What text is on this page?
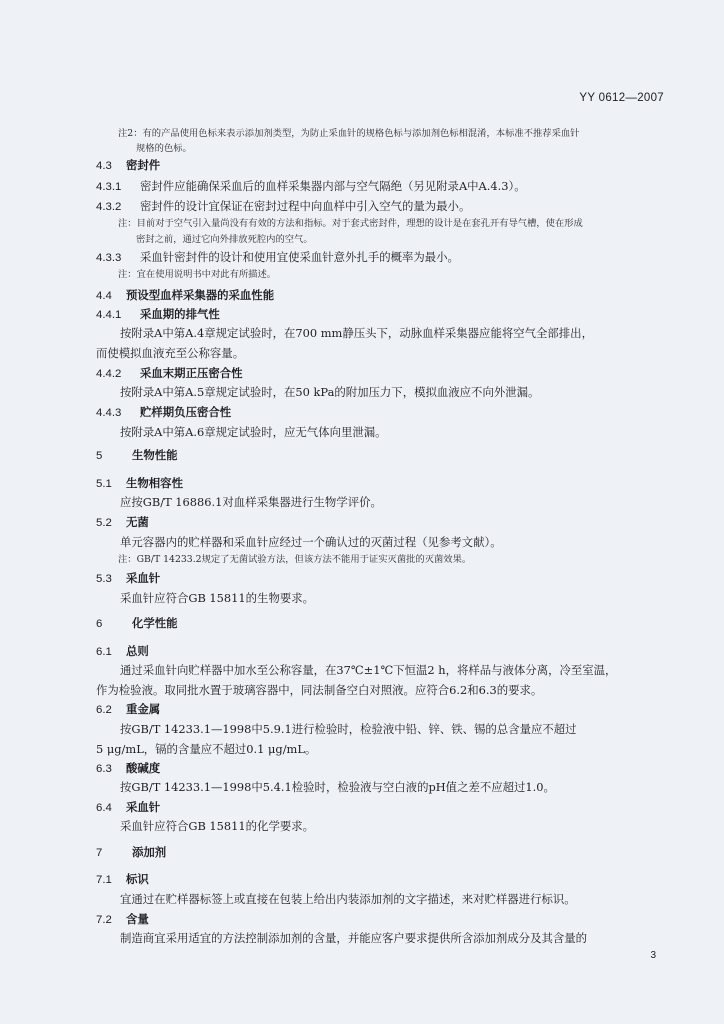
YY 0612—2007
注2：有的产品使用色标来表示添加剂类型，为防止采血针的规格色标与添加剂色标相混淆，本标准不推荐采血针
规格的色标。
4.3 密封件
4.3.1 密封件应能确保采血后的血样采集器内部与空气隔绝（另见附录A中A.4.3）。
4.3.2 密封件的设计宜保证在密封过程中向血样中引入空气的量为最小。
注：目前对于空气引入量尚没有有效的方法和指标。对于套式密封件，理想的设计是在套孔开有导气槽，使在形成
密封之前，通过它向外排放死腔内的空气。
4.3.3 采血针密封件的设计和使用宜使采血针意外扎手的概率为最小。
注：宜在使用说明书中对此有所描述。
4.4 预设型血样采集器的采血性能
4.4.1 采血期的排气性
按附录A中第A.4章规定试验时，在700 mm静压头下，动脉血样采集器应能将空气全部排出，
而使模拟血液充至公称容量。
4.4.2 采血末期正压密合性
按附录A中第A.5章规定试验时，在50 kPa的附加压力下，模拟血液应不向外泄漏。
4.4.3 贮样期负压密合性
按附录A中第A.6章规定试验时，应无气体向里泄漏。
5	生物性能
5.1 生物相容性
应按GB/T 16886.1对血样采集器进行生物学评价。
5.2 无菌
单元容器内的贮样器和采血针应经过一个确认过的灭菌过程（见参考文献）。
注：GB/T 14233.2规定了无菌试验方法，但该方法不能用于证实灭菌批的灭菌效果。
5.3 采血针
采血针应符合GB 15811的生物要求。
6	化学性能
6.1 总则
通过采血针向贮样器中加水至公称容量，在37℃±1℃下恒温2 h，将样品与液体分离，冷至室温，
作为检验液。取同批水置于玻璃容器中，同法制备空白对照液。应符合6.2和6.3的要求。
6.2 重金属
按GB/T 14233.1—1998中5.9.1进行检验时，检验液中铅、锌、铁、锡的总含量应不超过
5 μg/mL，镉的含量应不超过0.1 μg/mL。
6.3 酸碱度
按GB/T 14233.1—1998中5.4.1检验时，检验液与空白液的pH值之差不应超过1.0。
6.4 采血针
采血针应符合GB 15811的化学要求。
7	添加剂
7.1 标识
宜通过在贮样器标签上或直接在包装上给出内装添加剂的文字描述，来对贮样器进行标识。
7.2 含量
制造商宜采用适宜的方法控制添加剂的含量，并能应客户要求提供所含添加剂成分及其含量的
3
